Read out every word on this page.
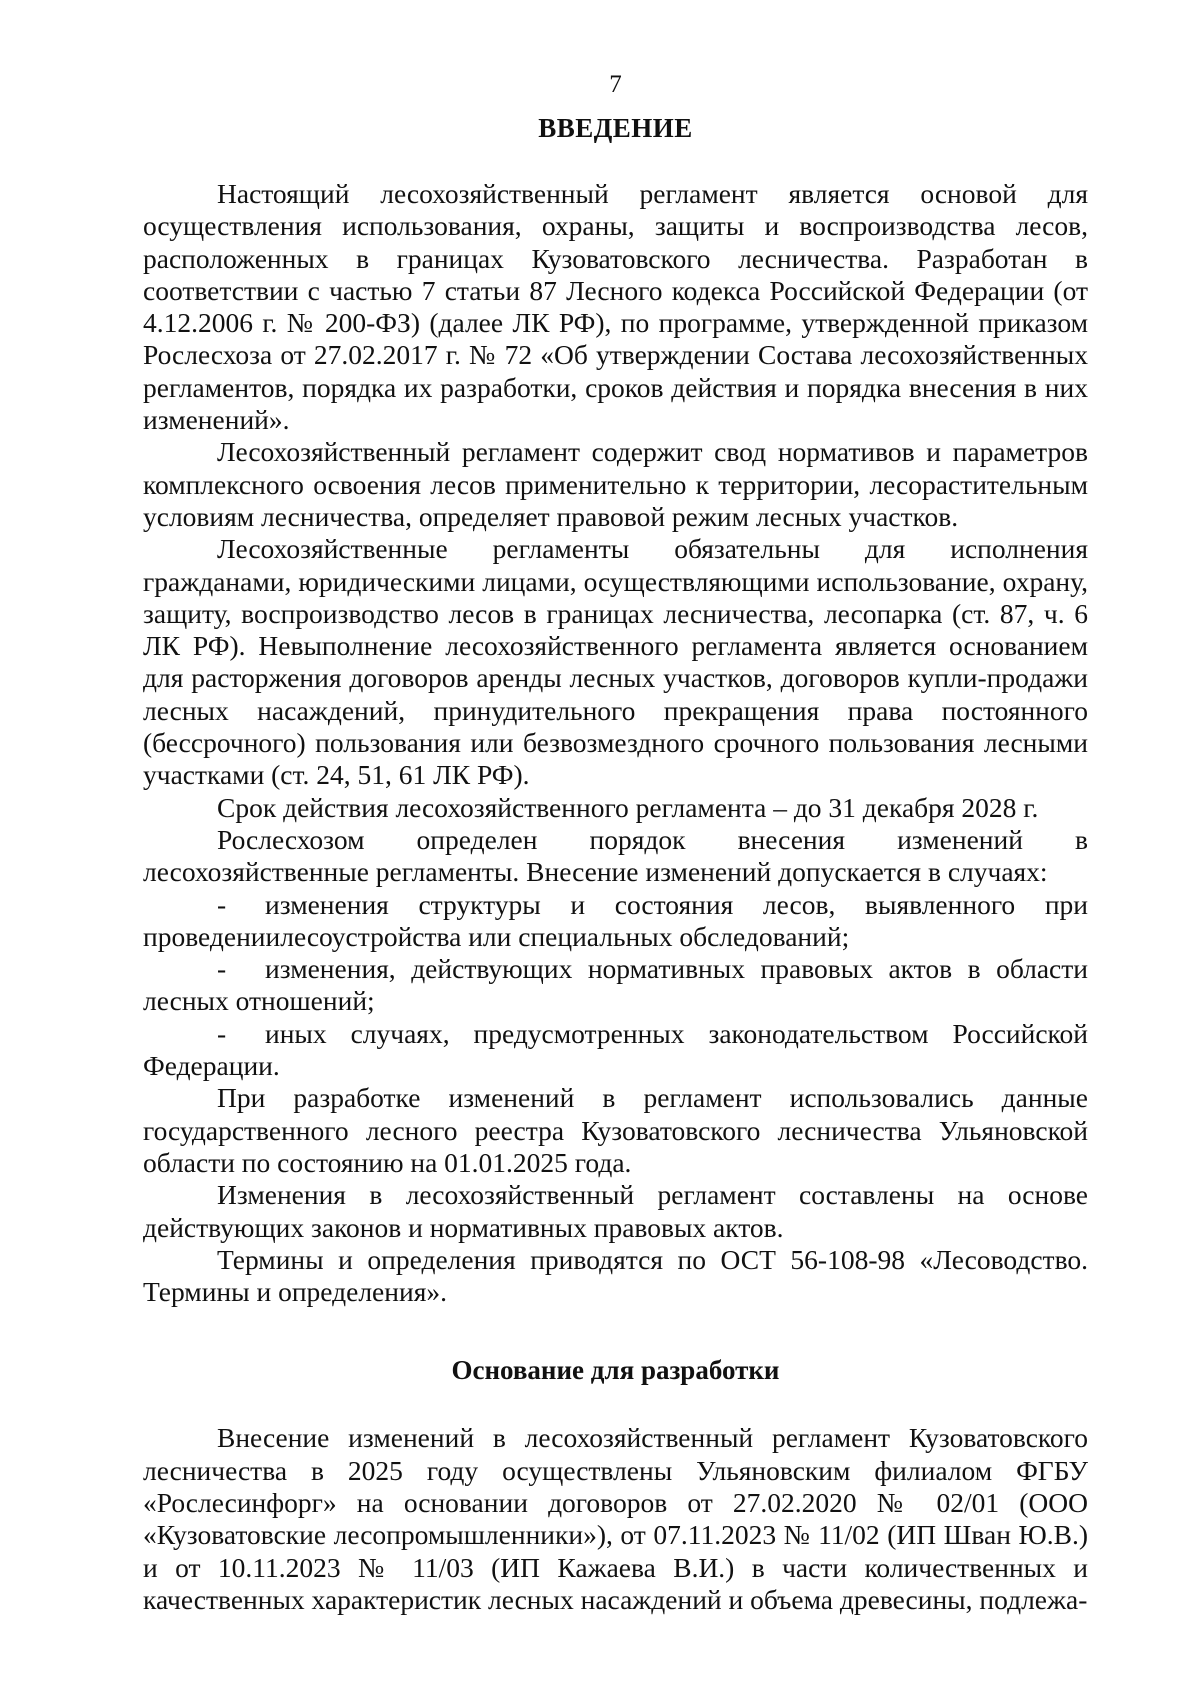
7
ВВЕДЕНИЕ

Настоящий лесохозяйственный регламент является основой для осуществления использования, охраны, защиты и воспроизводства лесов, расположенных в границах Кузоватовского лесничества. Разработан в соответствии с частью 7 статьи 87 Лесного кодекса Российской Федерации (от 4.12.2006 г. № 200-ФЗ) (далее ЛК РФ), по программе, утвержденной приказом Рослесхоза от 27.02.2017 г. № 72 «Об утверждении Состава лесохозяйственных регламентов, порядка их разработки, сроков действия и порядка внесения в них изменений».

Лесохозяйственный регламент содержит свод нормативов и параметров комплексного освоения лесов применительно к территории, лесорастительным условиям лесничества, определяет правовой режим лесных участков.

Лесохозяйственные регламенты обязательны для исполнения гражданами, юридическими лицами, осуществляющими использование, охрану, защиту, воспроизводство лесов в границах лесничества, лесопарка (ст. 87, ч. 6 ЛК РФ). Невыполнение лесохозяйственного регламента является основанием для расторжения договоров аренды лесных участков, договоров купли-продажи лесных насаждений, принудительного прекращения права постоянного (бессрочного) пользования или безвозмездного срочного пользования лесными участками (ст. 24, 51, 61 ЛК РФ).

Срок действия лесохозяйственного регламента – до 31 декабря 2028 г.

Рослесхозом определен порядок внесения изменений в лесохозяйственные регламенты. Внесение изменений допускается в случаях:

- изменения структуры и состояния лесов, выявленного при проведениилесоустройства или специальных обследований;

- изменения, действующих нормативных правовых актов в области лесных отношений;

- иных случаях, предусмотренных законодательством Российской Федерации.

При разработке изменений в регламент использовались данные государственного лесного реестра Кузоватовского лесничества Ульяновской области по состоянию на 01.01.2025 года.

Изменения в лесохозяйственный регламент составлены на основе действующих законов и нормативных правовых актов.

Термины и определения приводятся по ОСТ 56-108-98 «Лесоводство. Термины и определения».

Основание для разработки

Внесение изменений в лесохозяйственный регламент Кузоватовского лесничества в 2025 году осуществлены Ульяновским филиалом ФГБУ «Рослесинфорг» на основании договоров от 27.02.2020 № 02/01 (ООО «Кузоватовские лесопромышленники»), от 07.11.2023 № 11/02 (ИП Шван Ю.В.) и от 10.11.2023 № 11/03 (ИП Кажаева В.И.) в части количественных и качественных характеристик лесных насаждений и объема древесины, подлежа-
